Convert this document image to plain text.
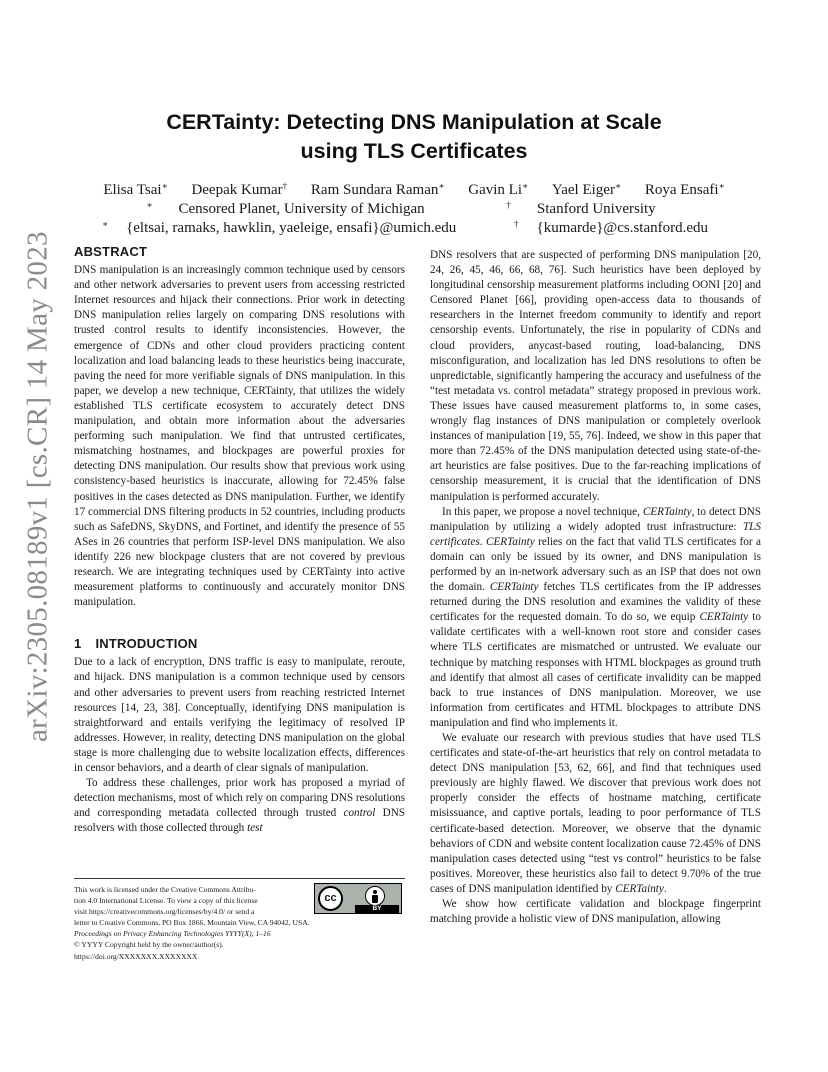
arXiv:2305.08189v1 [cs.CR] 14 May 2023
CERTainty: Detecting DNS Manipulation at Scale
using TLS Certificates
Elisa Tsai∗ Deepak Kumar† Ram Sundara Raman∗ Gavin Li∗ Yael Eiger∗ Roya Ensafi∗
∗ Censored Planet, University of Michigan	† Stanford University
∗ {eltsai, ramaks, hawklin, yaeleige, ensafi}@umich.edu	† {kumarde}@cs.stanford.edu
ABSTRACT

DNS manipulation is an increasingly common technique used by censors and other network adversaries to prevent users from accessing restricted Internet resources and hijack their connections. Prior work in detecting DNS manipulation relies largely on comparing DNS resolutions with trusted control results to identify inconsistencies. However, the emergence of CDNs and other cloud providers practicing content localization and load balancing leads to these heuristics being inaccurate, paving the need for more verifiable signals of DNS manipulation. In this paper, we develop a new technique, CERTainty, that utilizes the widely established TLS certificate ecosystem to accurately detect DNS manipulation, and obtain more information about the adversaries performing such manipulation. We find that untrusted certificates, mismatching hostnames, and blockpages are powerful proxies for detecting DNS manipulation. Our results show that previous work using consistency-based heuristics is inaccurate, allowing for 72.45% false positives in the cases detected as DNS manipulation. Further, we identify 17 commercial DNS filtering products in 52 countries, including products such as SafeDNS, SkyDNS, and Fortinet, and identify the presence of 55 ASes in 26 countries that perform ISP-level DNS manipulation. We also identify 226 new blockpage clusters that are not covered by previous research. We are integrating techniques used by CERTainty into active measurement platforms to continuously and accurately monitor DNS manipulation.

1 INTRODUCTION

Due to a lack of encryption, DNS traffic is easy to manipulate, reroute, and hijack. DNS manipulation is a common technique used by censors and other adversaries to prevent users from reaching restricted Internet resources [14, 23, 38]. Conceptually, identifying DNS manipulation is straightforward and entails verifying the legitimacy of resolved IP addresses. However, in reality, detecting DNS manipulation on the global stage is more challenging due to website localization effects, differences in censor behaviors, and a dearth of clear signals of manipulation.

To address these challenges, prior work has proposed a myriad of detection mechanisms, most of which rely on comparing DNS resolutions and corresponding metadata collected through trusted control DNS resolvers with those collected through test

This work is licensed under the Creative Commons Attribu-
tion 4.0 International License. To view a copy of this license
visit https://creativecommons.org/licenses/by/4.0/ or send a
letter to Creative Commons, PO Box 1866, Mountain View, CA 94042, USA.
Proceedings on Privacy Enhancing Technologies YYYY(X), 1–16
© YYYY Copyright held by the owner/author(s).
https://doi.org/XXXXXXX.XXXXXXX
cc
BY

DNS resolvers that are suspected of performing DNS manipulation [20, 24, 26, 45, 46, 66, 68, 76]. Such heuristics have been deployed by longitudinal censorship measurement platforms including OONI [20] and Censored Planet [66], providing open-access data to thousands of researchers in the Internet freedom community to identify and report censorship events. Unfortunately, the rise in popularity of CDNs and cloud providers, anycast-based routing, load-balancing, DNS misconfiguration, and localization has led DNS resolutions to often be unpredictable, significantly hampering the accuracy and usefulness of the “test metadata vs. control metadata” strategy proposed in previous work. These issues have caused measurement platforms to, in some cases, wrongly flag instances of DNS manipulation or completely overlook instances of manipulation [19, 55, 76]. Indeed, we show in this paper that more than 72.45% of the DNS manipulation detected using state-of-the-art heuristics are false positives. Due to the far-reaching implications of censorship measurement, it is crucial that the identification of DNS manipulation is performed accurately.

In this paper, we propose a novel technique, CERTainty, to detect DNS manipulation by utilizing a widely adopted trust infrastructure: TLS certificates. CERTainty relies on the fact that valid TLS certificates for a domain can only be issued by its owner, and DNS manipulation is performed by an in-network adversary such as an ISP that does not own the domain. CERTainty fetches TLS certificates from the IP addresses returned during the DNS resolution and examines the validity of these certificates for the requested domain. To do so, we equip CERTainty to validate certificates with a well-known root store and consider cases where TLS certificates are mismatched or untrusted. We evaluate our technique by matching responses with HTML blockpages as ground truth and identify that almost all cases of certificate invalidity can be mapped back to true instances of DNS manipulation. Moreover, we use information from certificates and HTML blockpages to attribute DNS manipulation and find who implements it.

We evaluate our research with previous studies that have used TLS certificates and state-of-the-art heuristics that rely on control metadata to detect DNS manipulation [53, 62, 66], and find that techniques used previously are highly flawed. We discover that previous work does not properly consider the effects of hostname matching, certificate misissuance, and captive portals, leading to poor performance of TLS certificate-based detection. Moreover, we observe that the dynamic behaviors of CDN and website content localization cause 72.45% of DNS manipulation cases detected using “test vs control” heuristics to be false positives. Moreover, these heuristics also fail to detect 9.70% of the true cases of DNS manipulation identified by CERTainty.

We show how certificate validation and blockpage fingerprint matching provide a holistic view of DNS manipulation, allowing
